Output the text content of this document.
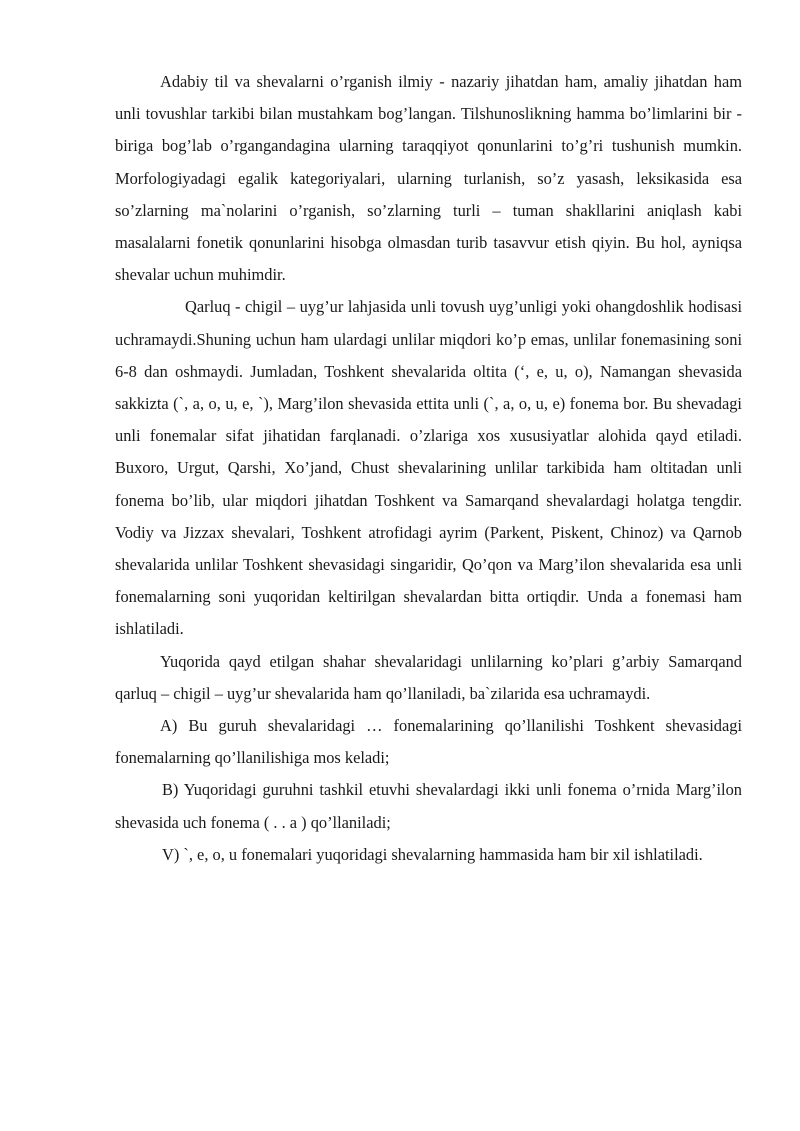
Adabiy til va shevalarni o’rganish ilmiy - nazariy jihatdan ham, amaliy jihatdan ham unli tovushlar tarkibi bilan mustahkam bog’langan. Tilshunoslikning hamma bo’limlarini bir - biriga bog’lab o’rgangandagina ularning taraqqiyot qonunlarini to’g’ri tushunish mumkin. Morfologiyadagi egalik kategoriyalari, ularning turlanish, so’z yasash, leksikasida esa so’zlarning ma`nolarini o’rganish, so’zlarning turli – tuman shakllarini aniqlash kabi masalalarni fonetik qonunlarini hisobga olmasdan turib tasavvur etish qiyin. Bu hol, ayniqsa shevalar uchun muhimdir.

Qarluq - chigil – uyg’ur lahjasida unli tovush uyg’unligi yoki ohangdoshlik hodisasi uchramaydi.Shuning uchun ham ulardagi unlilar miqdori ko’p emas, unlilar fonemasining soni 6-8 dan oshmaydi. Jumladan, Toshkent shevalarida oltita (‘, e, u, o), Namangan shevasida sakkizta (`, a, o, u, e, `), Marg’ilon shevasida ettita unli (`, a, o, u, e) fonema bor. Bu shevadagi unli fonemalar sifat jihatidan farqlanadi. o’zlariga xos xususiyatlar alohida qayd etiladi. Buxoro, Urgut, Qarshi, Xo’jand, Chust shevalarining unlilar tarkibida ham oltitadan unli fonema bo’lib, ular miqdori jihatdan Toshkent va Samarqand shevalardagi holatga tengdir. Vodiy va Jizzax shevalari, Toshkent atrofidagi ayrim (Parkent, Piskent, Chinoz) va Qarnob shevalarida unlilar Toshkent shevasidagi singaridir, Qo’qon va Marg’ilon shevalarida esa unli fonemalarning soni yuqoridan keltirilgan shevalardan bitta ortiqdir. Unda a fonemasi ham ishlatiladi.

Yuqorida qayd etilgan shahar shevalaridagi unlilarning ko’plari g’arbiy Samarqand qarluq – chigil – uyg’ur shevalarida ham qo’llaniladi, ba`zilarida esa uchramaydi.

A) Bu guruh shevalaridagi … fonemalarining qo’llanilishi Toshkent shevasidagi fonemalarning qo’llanilishiga mos keladi;

B) Yuqoridagi guruhni tashkil etuvhi shevalardagi ikki unli fonema o’rnida Marg’ilon shevasida uch fonema ( . . a ) qo’llaniladi;

V) `, e, o, u fonemalari yuqoridagi shevalarning hammasida ham bir xil ishlatiladi.
